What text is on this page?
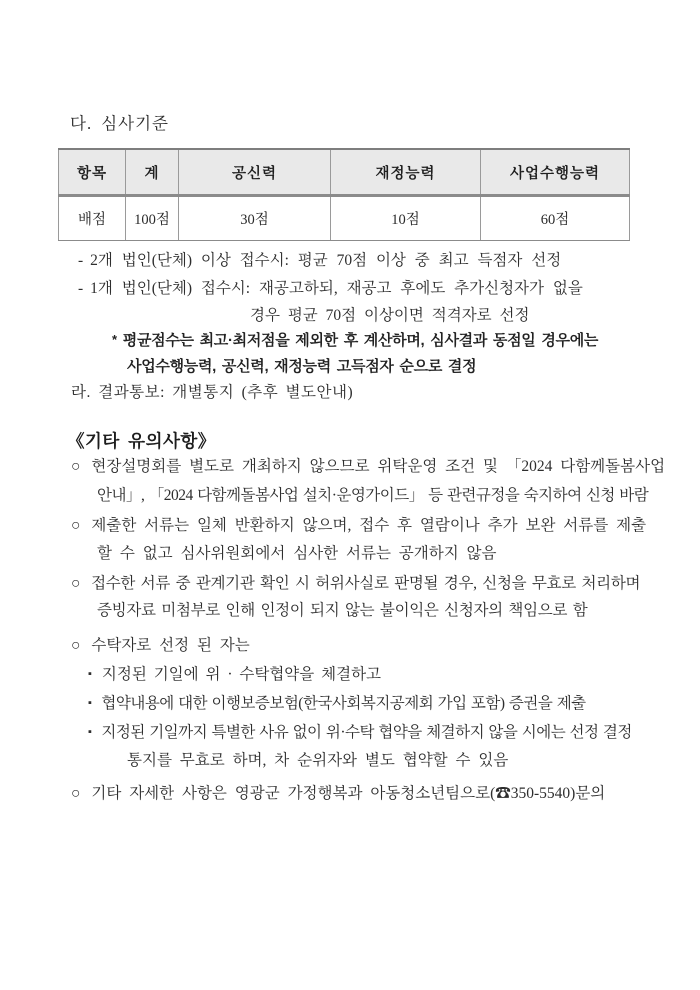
다. 심사기준
항목	계	공신력	재정능력	사업수행능력
배점	100점	30점	10점	60점
- 2개 법인(단체) 이상 접수시: 평균 70점 이상 중 최고 득점자 선정
- 1개 법인(단체) 접수시: 재공고하되, 재공고 후에도 추가신청자가 없을
경우 평균 70점 이상이면 적격자로 선정
* 평균점수는 최고·최저점을 제외한 후 계산하며, 심사결과 동점일 경우에는
사업수행능력, 공신력, 재정능력 고득점자 순으로 결정
라. 결과통보: 개별통지 (추후 별도안내)
《기타 유의사항》
○ 현장설명회를 별도로 개최하지 않으므로 위탁운영 조건 및 「2024 다함께돌봄사업
안내」, 「2024 다함께돌봄사업 설치·운영가이드」 등 관련규정을 숙지하여 신청 바람
○ 제출한 서류는 일체 반환하지 않으며, 접수 후 열람이나 추가 보완 서류를 제출
할 수 없고 심사위원회에서 심사한 서류는 공개하지 않음
○ 접수한 서류 중 관계기관 확인 시 허위사실로 판명될 경우, 신청을 무효로 처리하며
증빙자료 미첨부로 인해 인정이 되지 않는 불이익은 신청자의 책임으로 함
○ 수탁자로 선정 된 자는
▪ 지정된 기일에 위 · 수탁협약을 체결하고
▪ 협약내용에 대한 이행보증보험(한국사회복지공제회 가입 포함) 증권을 제출
▪ 지정된 기일까지 특별한 사유 없이 위·수탁 협약을 체결하지 않을 시에는 선정 결정
통지를 무효로 하며, 차 순위자와 별도 협약할 수 있음
○ 기타 자세한 사항은 영광군 가정행복과 아동청소년팀으로(☎350-5540)문의
